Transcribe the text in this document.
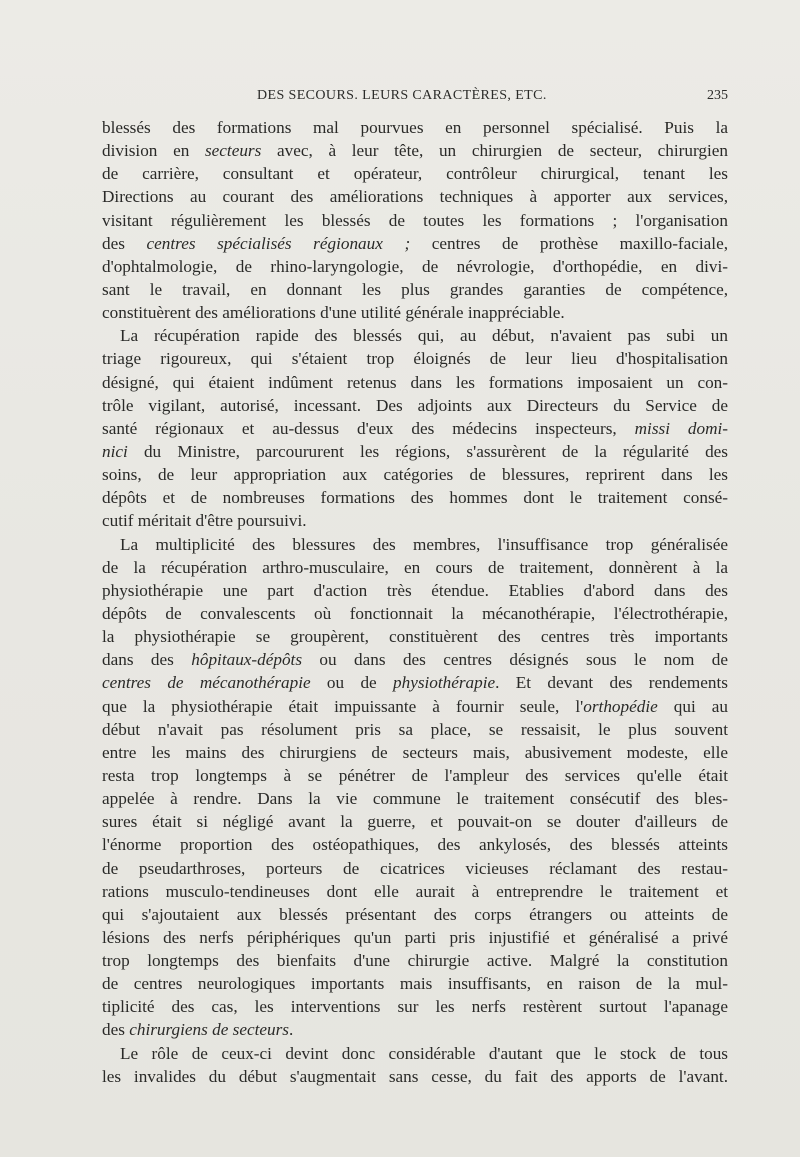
DES SECOURS. LEURS CARACTÈRES, ETC.	235
blessés des formations mal pourvues en personnel spécialisé. Puis la
division en secteurs avec, à leur tête, un chirurgien de secteur, chirurgien
de carrière, consultant et opérateur, contrôleur chirurgical, tenant les
Directions au courant des améliorations techniques à apporter aux services,
visitant régulièrement les blessés de toutes les formations ; l'organisation
des centres spécialisés régionaux ; centres de prothèse maxillo-faciale,
d'ophtalmologie, de rhino-laryngologie, de névrologie, d'orthopédie, en divi-
sant le travail, en donnant les plus grandes garanties de compétence,
constituèrent des améliorations d'une utilité générale inappréciable.
La récupération rapide des blessés qui, au début, n'avaient pas subi un
triage rigoureux, qui s'étaient trop éloignés de leur lieu d'hospitalisation
désigné, qui étaient indûment retenus dans les formations imposaient un con-
trôle vigilant, autorisé, incessant. Des adjoints aux Directeurs du Service de
santé régionaux et au-dessus d'eux des médecins inspecteurs, missi domi-
nici du Ministre, parcoururent les régions, s'assurèrent de la régularité des
soins, de leur appropriation aux catégories de blessures, reprirent dans les
dépôts et de nombreuses formations des hommes dont le traitement consé-
cutif méritait d'être poursuivi.
La multiplicité des blessures des membres, l'insuffisance trop généralisée
de la récupération arthro-musculaire, en cours de traitement, donnèrent à la
physiothérapie une part d'action très étendue. Etablies d'abord dans des
dépôts de convalescents où fonctionnait la mécanothérapie, l'électrothérapie,
la physiothérapie se groupèrent, constituèrent des centres très importants
dans des hôpitaux-dépôts ou dans des centres désignés sous le nom de
centres de mécanothérapie ou de physiothérapie. Et devant des rendements
que la physiothérapie était impuissante à fournir seule, l'orthopédie qui au
début n'avait pas résolument pris sa place, se ressaisit, le plus souvent
entre les mains des chirurgiens de secteurs mais, abusivement modeste, elle
resta trop longtemps à se pénétrer de l'ampleur des services qu'elle était
appelée à rendre. Dans la vie commune le traitement consécutif des bles-
sures était si négligé avant la guerre, et pouvait-on se douter d'ailleurs de
l'énorme proportion des ostéopathiques, des ankylosés, des blessés atteints
de pseudarthroses, porteurs de cicatrices vicieuses réclamant des restau-
rations musculo-tendineuses dont elle aurait à entreprendre le traitement et
qui s'ajoutaient aux blessés présentant des corps étrangers ou atteints de
lésions des nerfs périphériques qu'un parti pris injustifié et généralisé a privé
trop longtemps des bienfaits d'une chirurgie active. Malgré la constitution
de centres neurologiques importants mais insuffisants, en raison de la mul-
tiplicité des cas, les interventions sur les nerfs restèrent surtout l'apanage
des chirurgiens de secteurs.
Le rôle de ceux-ci devint donc considérable d'autant que le stock de tous
les invalides du début s'augmentait sans cesse, du fait des apports de l'avant.
